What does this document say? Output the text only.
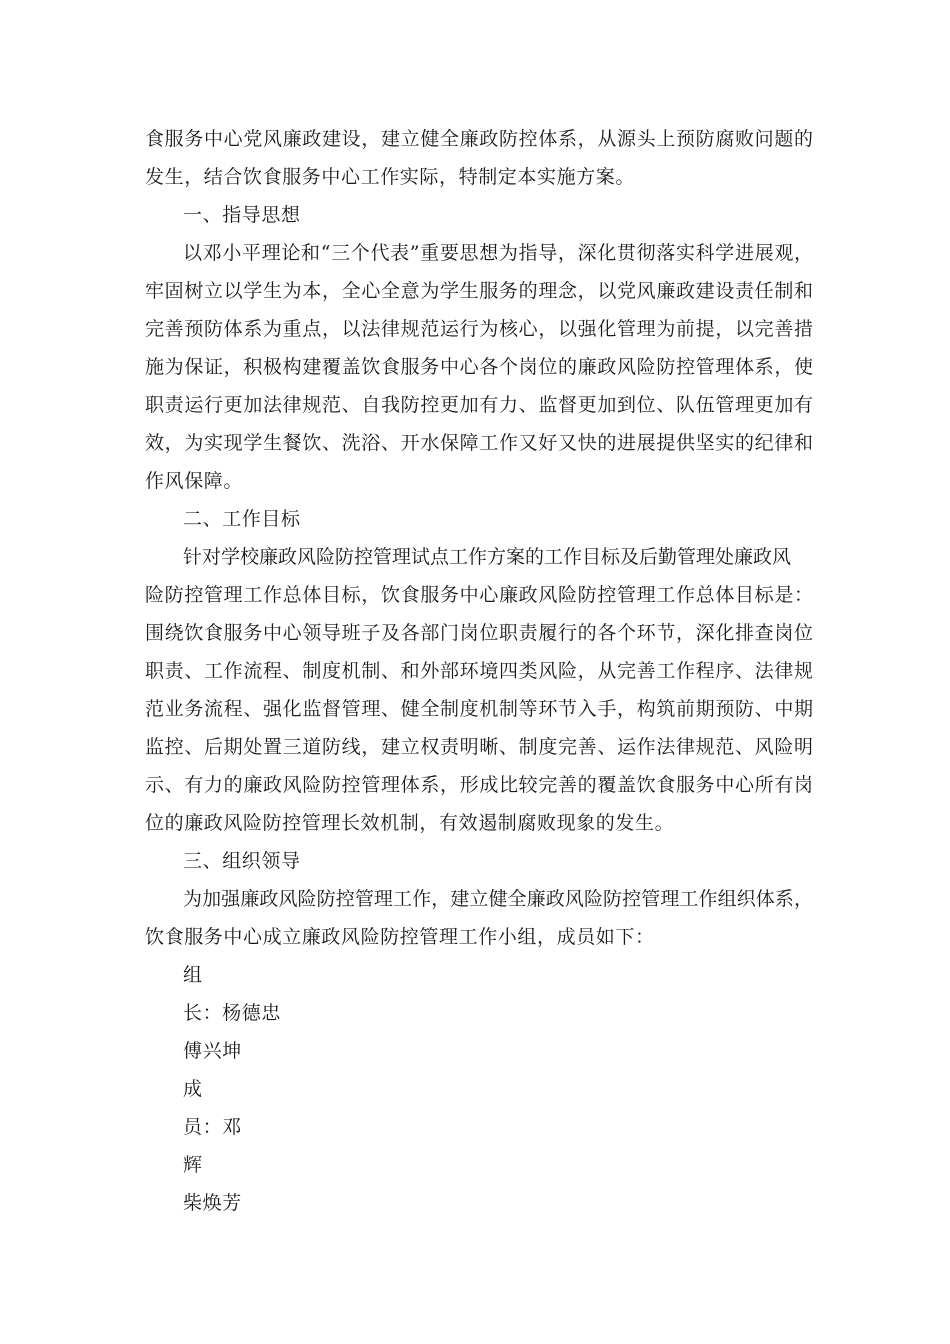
食服务中心党风廉政建设，建立健全廉政防控体系，从源头上预防腐败问题的
发生，结合饮食服务中心工作实际，特制定本实施方案。
一、指导思想
以邓小平理论和“三个代表”重要思想为指导，深化贯彻落实科学进展观，
牢固树立以学生为本，全心全意为学生服务的理念，以党风廉政建设责任制和
完善预防体系为重点，以法律规范运行为核心，以强化管理为前提，以完善措
施为保证，积极构建覆盖饮食服务中心各个岗位的廉政风险防控管理体系，使
职责运行更加法律规范、自我防控更加有力、监督更加到位、队伍管理更加有
效，为实现学生餐饮、洗浴、开水保障工作又好又快的进展提供坚实的纪律和
作风保障。
二、工作目标
针对学校廉政风险防控管理试点工作方案的工作目标及后勤管理处廉政风
险防控管理工作总体目标，饮食服务中心廉政风险防控管理工作总体目标是：
围绕饮食服务中心领导班子及各部门岗位职责履行的各个环节，深化排查岗位
职责、工作流程、制度机制、和外部环境四类风险，从完善工作程序、法律规
范业务流程、强化监督管理、健全制度机制等环节入手，构筑前期预防、中期
监控、后期处置三道防线，建立权责明晰、制度完善、运作法律规范、风险明
示、有力的廉政风险防控管理体系，形成比较完善的覆盖饮食服务中心所有岗
位的廉政风险防控管理长效机制，有效遏制腐败现象的发生。
三、组织领导
为加强廉政风险防控管理工作，建立健全廉政风险防控管理工作组织体系，
饮食服务中心成立廉政风险防控管理工作小组，成员如下：
组
长：杨德忠
傅兴坤
成
员：邓
辉
柴焕芳
